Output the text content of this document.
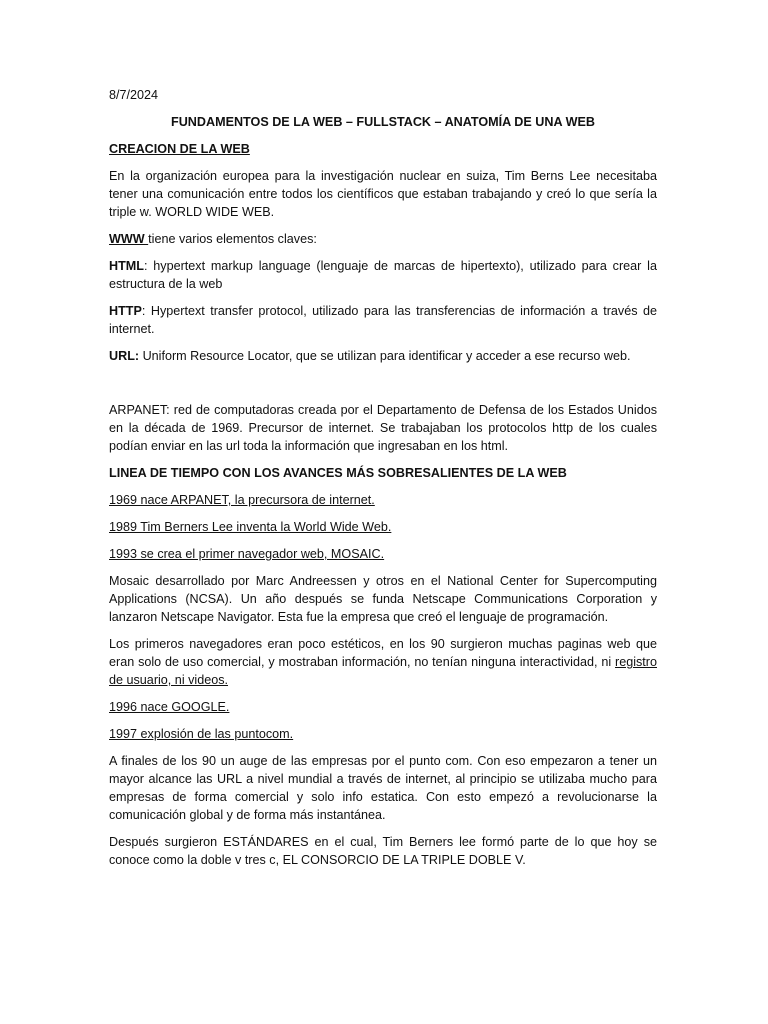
8/7/2024

FUNDAMENTOS DE LA WEB – FULLSTACK – ANATOMÍA DE UNA WEB

CREACION DE LA WEB

En la organización europea para la investigación nuclear en suiza, Tim Berns Lee necesitaba tener una comunicación entre todos los científicos que estaban trabajando y creó lo que sería la triple w. WORLD WIDE WEB.

WWW tiene varios elementos claves:

HTML: hypertext markup language (lenguaje de marcas de hipertexto), utilizado para crear la estructura de la web

HTTP: Hypertext transfer protocol, utilizado para las transferencias de información a través de internet.

URL: Uniform Resource Locator, que se utilizan para identificar y acceder a ese recurso web.

ARPANET: red de computadoras creada por el Departamento de Defensa de los Estados Unidos en la década de 1969. Precursor de internet. Se trabajaban los protocolos http de los cuales podían enviar en las url toda la información que ingresaban en los html.

LINEA DE TIEMPO CON LOS AVANCES MÁS SOBRESALIENTES DE LA WEB

1969 nace ARPANET, la precursora de internet.

1989 Tim Berners Lee inventa la World Wide Web.

1993 se crea el primer navegador web, MOSAIC.

Mosaic desarrollado por Marc Andreessen y otros en el National Center for Supercomputing Applications (NCSA). Un año después se funda Netscape Communications Corporation y lanzaron Netscape Navigator. Esta fue la empresa que creó el lenguaje de programación.

Los primeros navegadores eran poco estéticos, en los 90 surgieron muchas paginas web que eran solo de uso comercial, y mostraban información, no tenían ninguna interactividad, ni registro de usuario, ni videos.

1996 nace GOOGLE.

1997 explosión de las puntocom.

A finales de los 90 un auge de las empresas por el punto com. Con eso empezaron a tener un mayor alcance las URL a nivel mundial a través de internet, al principio se utilizaba mucho para empresas de forma comercial y solo info estatica. Con esto empezó a revolucionarse la comunicación global y de forma más instantánea.

Después surgieron ESTÁNDARES en el cual, Tim Berners lee formó parte de lo que hoy se conoce como la doble v tres c, EL CONSORCIO DE LA TRIPLE DOBLE V.
